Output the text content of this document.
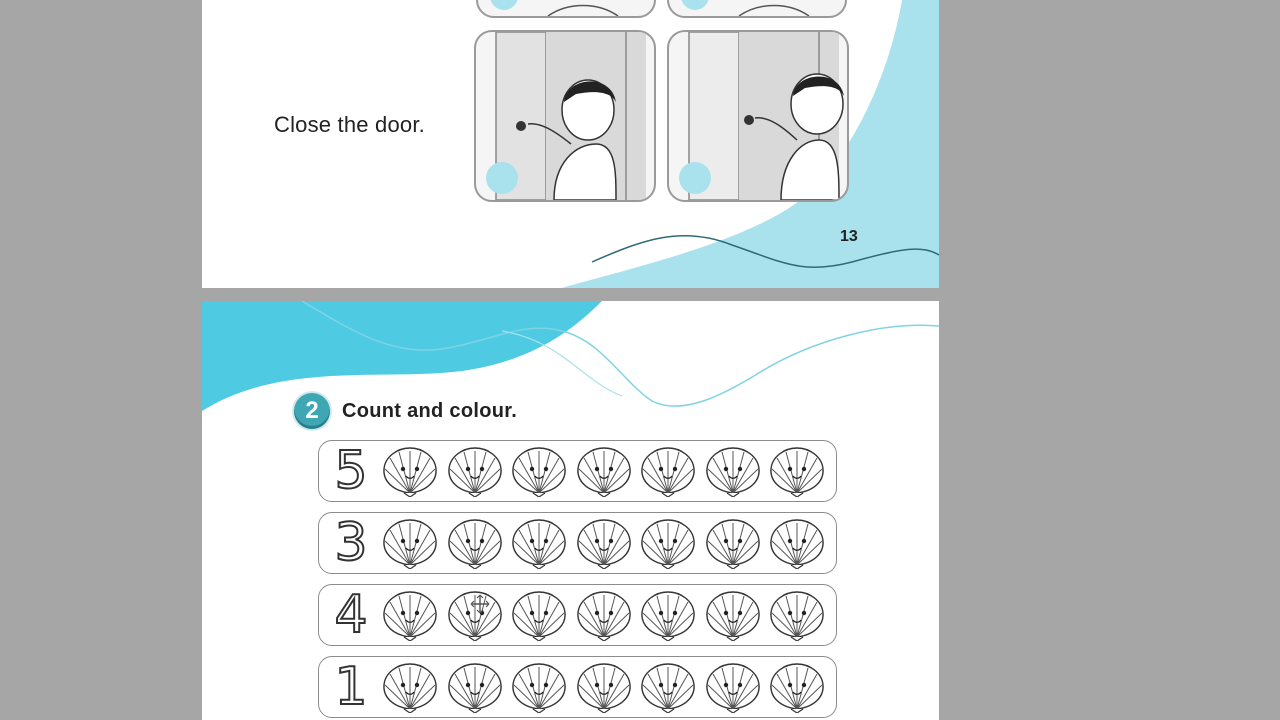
Close the door.
13
2	Count and colour.
5
3
4
1
